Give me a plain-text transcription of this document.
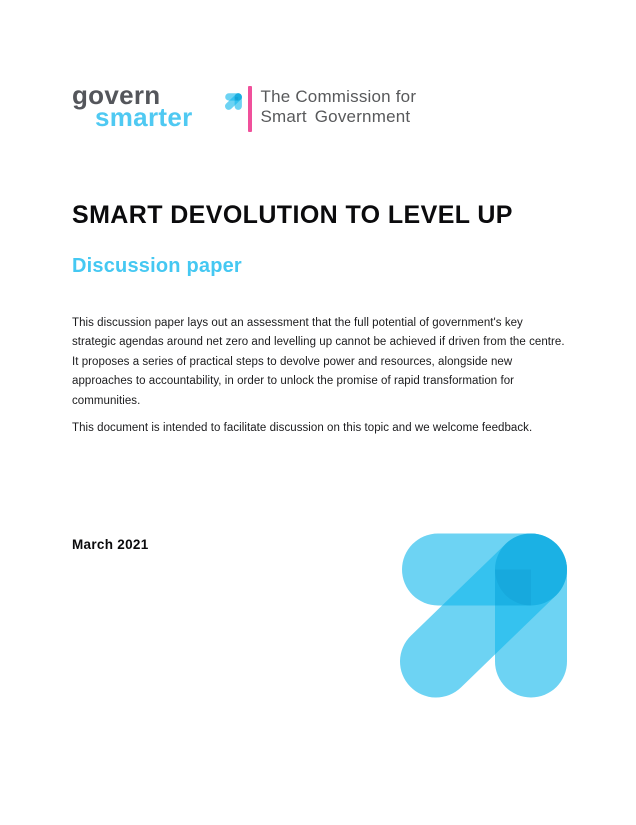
govern
smarter
The Commission for
Smart Government
SMART DEVOLUTION TO LEVEL UP
Discussion paper
This discussion paper lays out an assessment that the full potential of government's key
strategic agendas around net zero and levelling up cannot be achieved if driven from the centre.
It proposes a series of practical steps to devolve power and resources, alongside new
approaches to accountability, in order to unlock the promise of rapid transformation for
communities.
This document is intended to facilitate discussion on this topic and we welcome feedback.
March 2021
